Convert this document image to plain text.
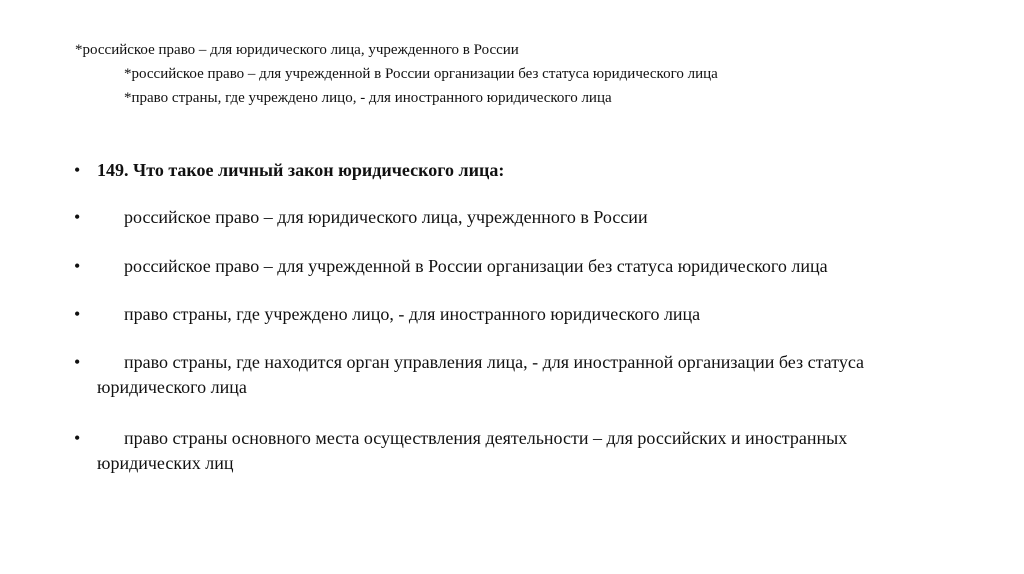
*российское право – для юридического лица, учрежденного в России
*российское право – для учрежденной в России организации без статуса юридического лица
*право страны, где учреждено лицо, - для иностранного юридического лица
• 149. Что такое личный закон юридического лица:
• российское право – для юридического лица, учрежденного в России
• российское право – для учрежденной в России организации без статуса юридического лица
• право страны, где учреждено лицо, - для иностранного юридического лица
• право страны, где находится орган управления лица, - для иностранной организации без статуса
юридического лица
• право страны основного места осуществления деятельности – для российских и иностранных
юридических лиц
